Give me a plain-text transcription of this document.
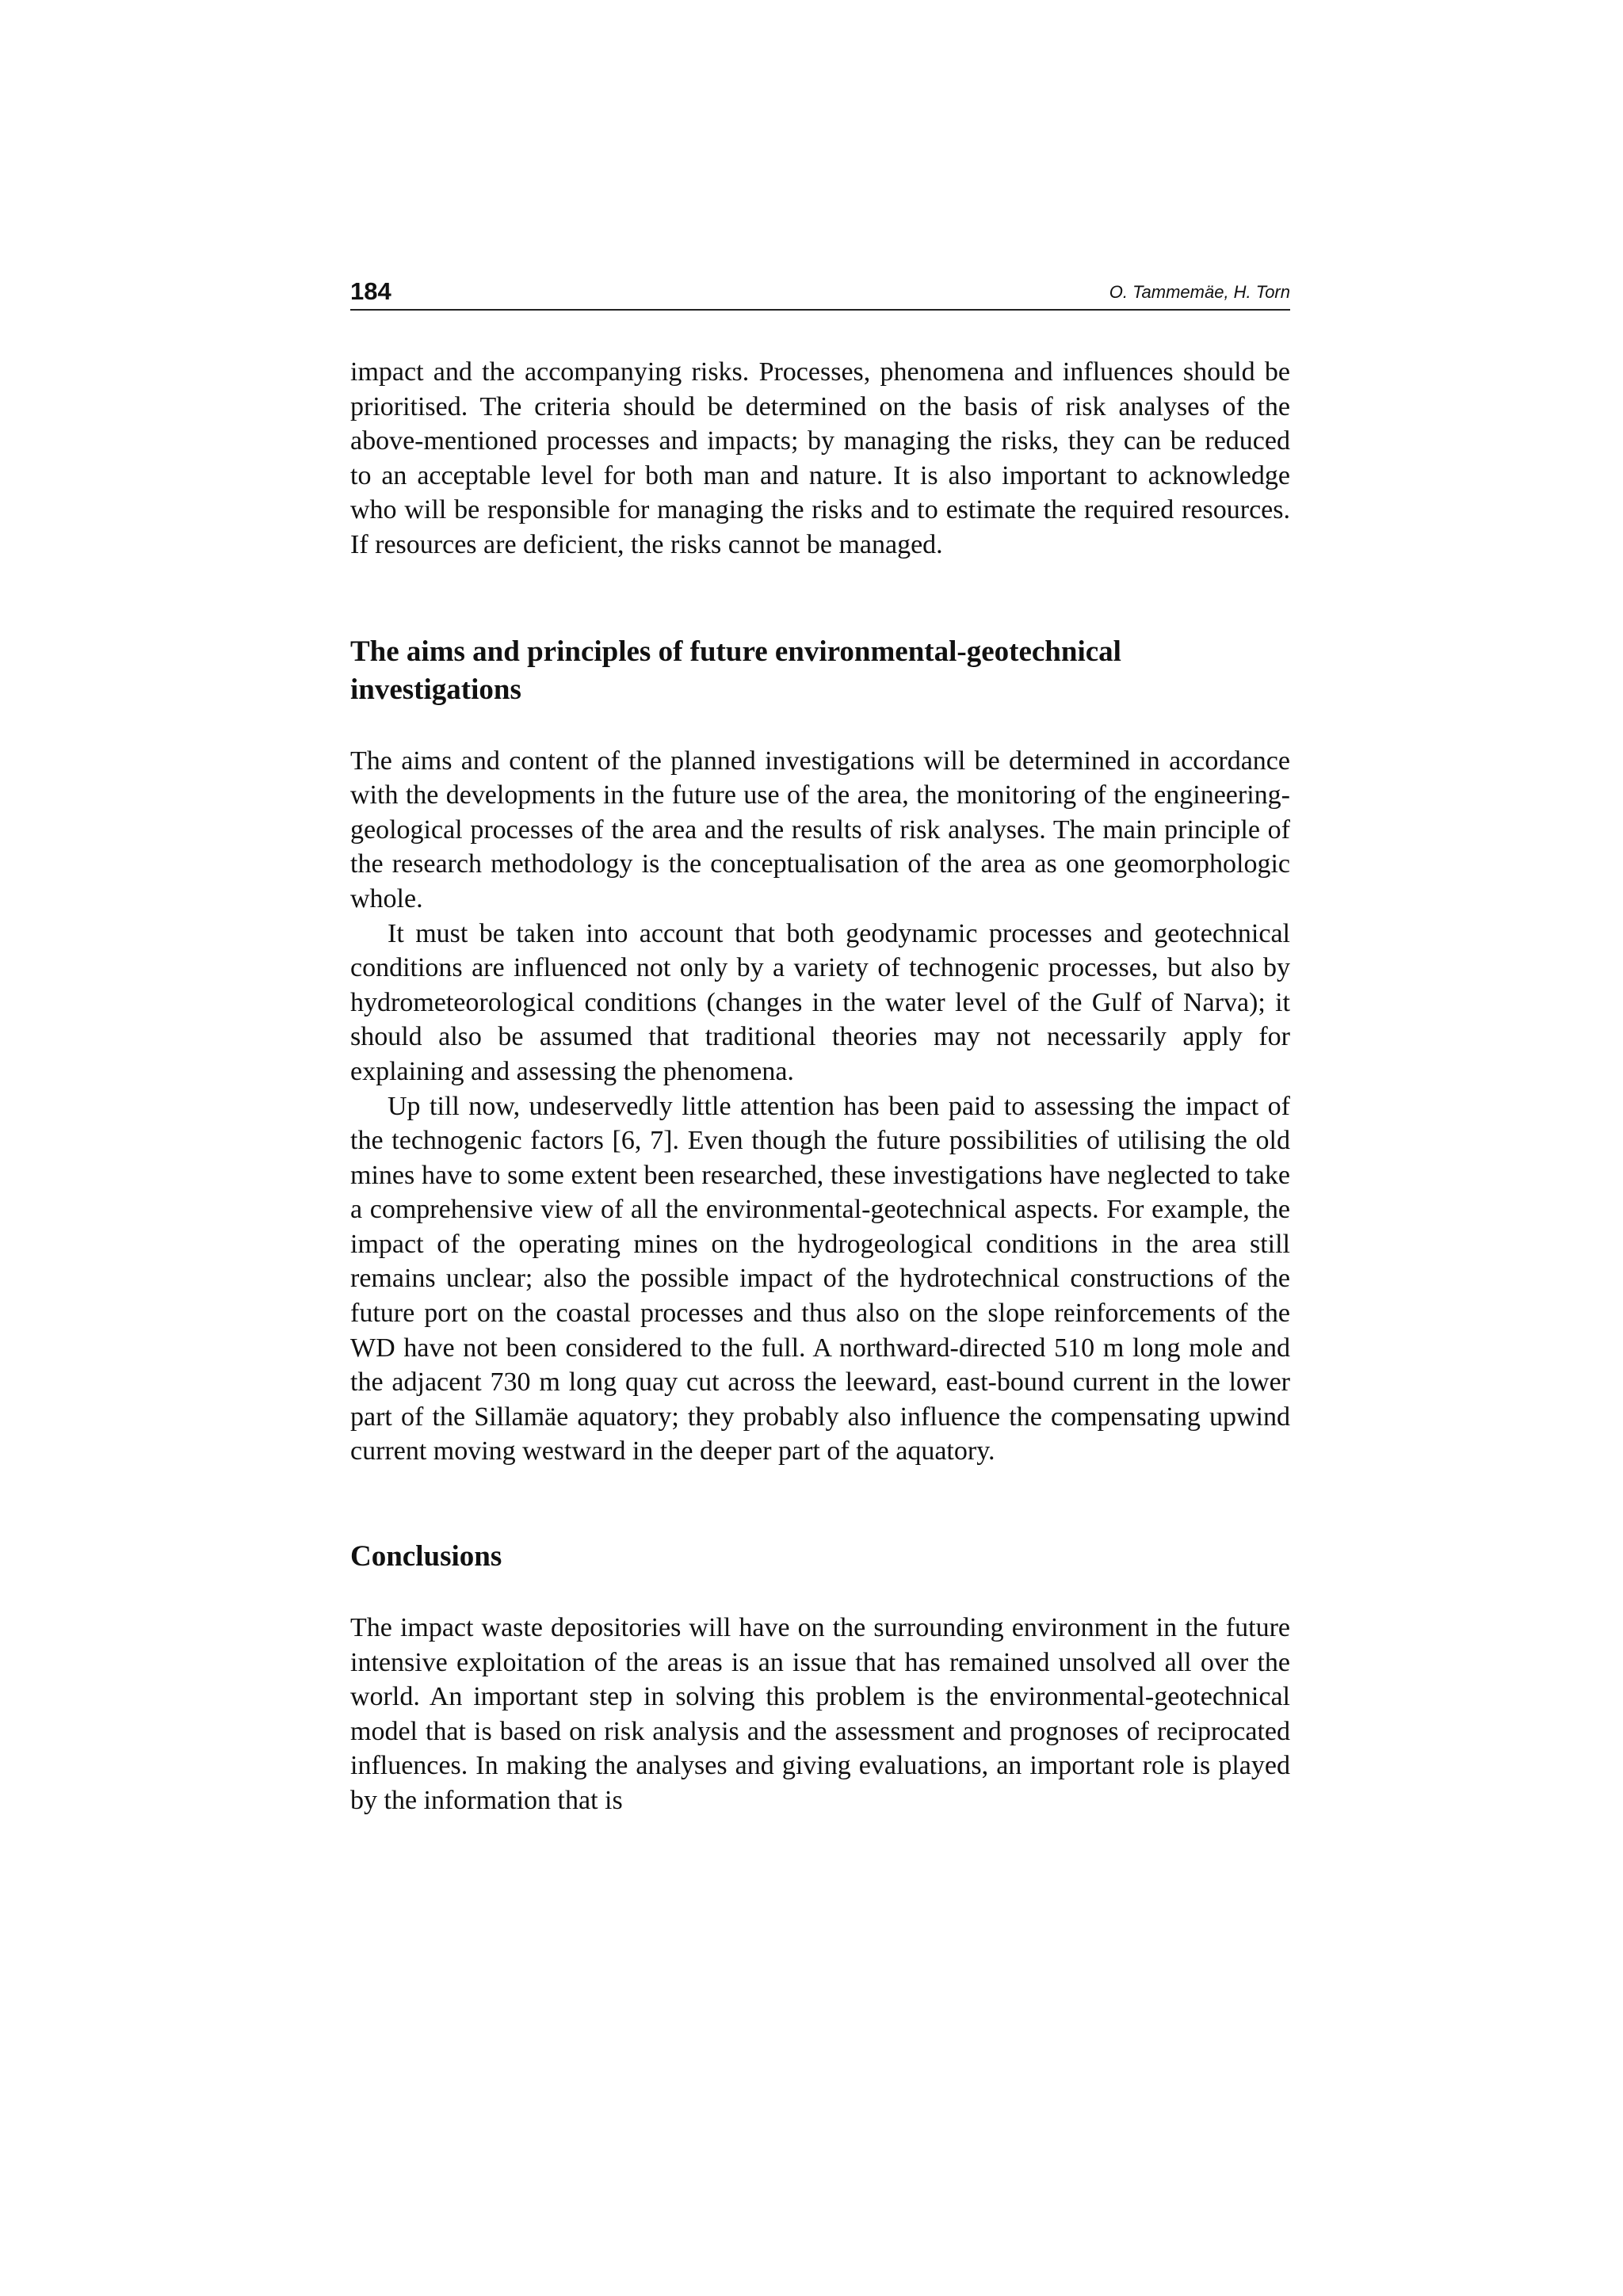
184	O. Tammemäe, H. Torn

impact and the accompanying risks. Processes, phenomena and influences should be prioritised. The criteria should be determined on the basis of risk analyses of the above-mentioned processes and impacts; by managing the risks, they can be reduced to an acceptable level for both man and nature. It is also important to acknowledge who will be responsible for managing the risks and to estimate the required resources. If resources are deficient, the risks cannot be managed.

The aims and principles of future environmental-geotechnical investigations

The aims and content of the planned investigations will be determined in accordance with the developments in the future use of the area, the monitoring of the engineering-geological processes of the area and the results of risk analyses. The main principle of the research methodology is the conceptualisation of the area as one geomorphologic whole.

It must be taken into account that both geodynamic processes and geotechnical conditions are influenced not only by a variety of technogenic processes, but also by hydrometeorological conditions (changes in the water level of the Gulf of Narva); it should also be assumed that traditional theories may not necessarily apply for explaining and assessing the phenomena.

Up till now, undeservedly little attention has been paid to assessing the impact of the technogenic factors [6, 7]. Even though the future possibilities of utilising the old mines have to some extent been researched, these investigations have neglected to take a comprehensive view of all the environmental-geotechnical aspects. For example, the impact of the operating mines on the hydrogeological conditions in the area still remains unclear; also the possible impact of the hydrotechnical constructions of the future port on the coastal processes and thus also on the slope reinforcements of the WD have not been considered to the full. A northward-directed 510 m long mole and the adjacent 730 m long quay cut across the leeward, east-bound current in the lower part of the Sillamäe aquatory; they probably also influence the compensating upwind current moving westward in the deeper part of the aquatory.

Conclusions

The impact waste depositories will have on the surrounding environment in the future intensive exploitation of the areas is an issue that has remained unsolved all over the world. An important step in solving this problem is the environmental-geotechnical model that is based on risk analysis and the assessment and prognoses of reciprocated influences. In making the analyses and giving evaluations, an important role is played by the information that is
